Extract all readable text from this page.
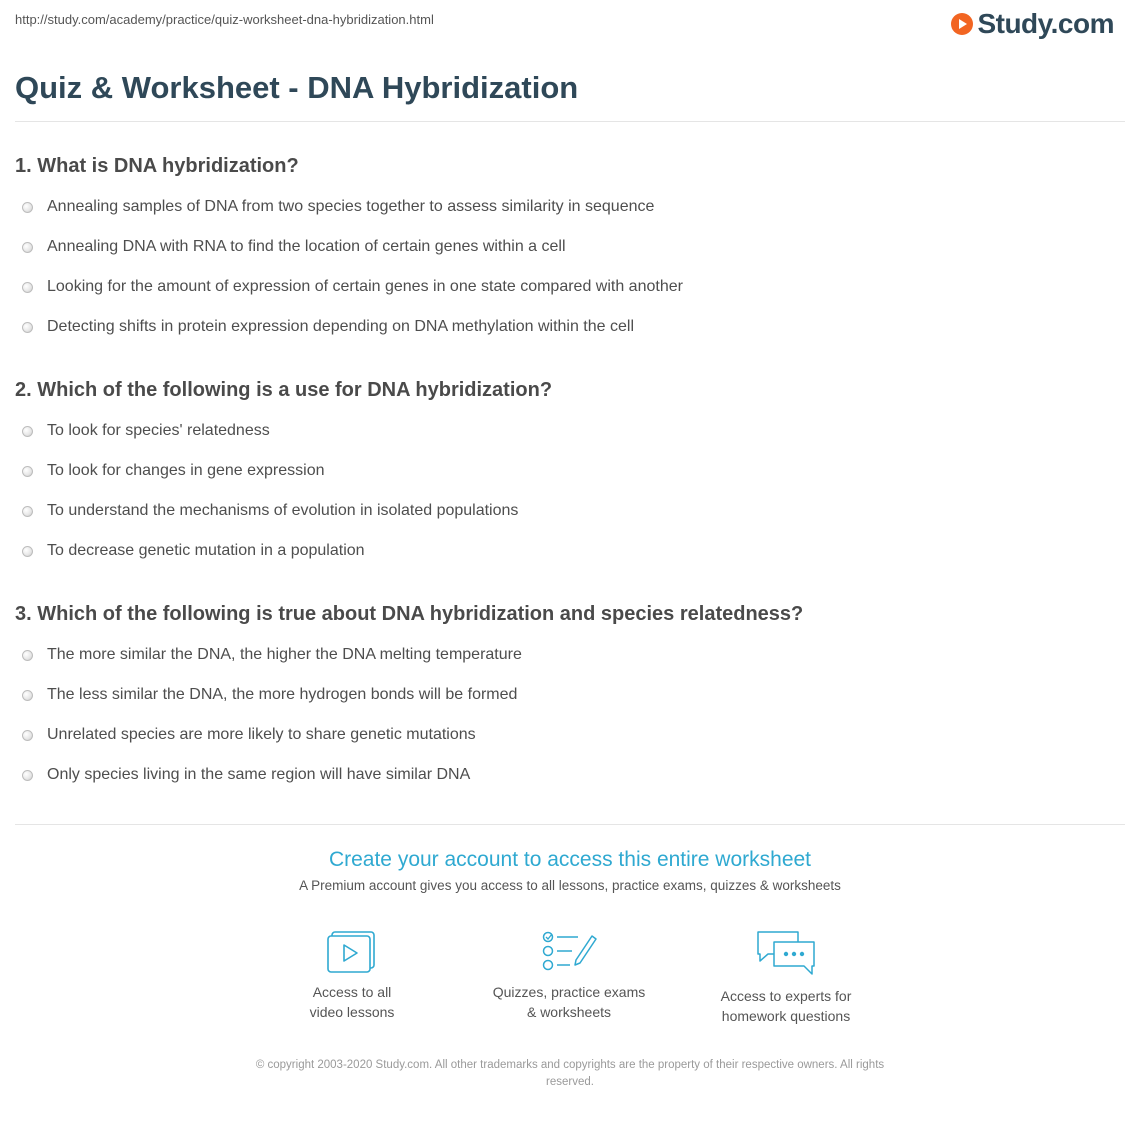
http://study.com/academy/practice/quiz-worksheet-dna-hybridization.html	Study.com
Quiz & Worksheet - DNA Hybridization
1. What is DNA hybridization?
Annealing samples of DNA from two species together to assess similarity in sequence
Annealing DNA with RNA to find the location of certain genes within a cell
Looking for the amount of expression of certain genes in one state compared with another
Detecting shifts in protein expression depending on DNA methylation within the cell
2. Which of the following is a use for DNA hybridization?
To look for species' relatedness
To look for changes in gene expression
To understand the mechanisms of evolution in isolated populations
To decrease genetic mutation in a population
3. Which of the following is true about DNA hybridization and species relatedness?
The more similar the DNA, the higher the DNA melting temperature
The less similar the DNA, the more hydrogen bonds will be formed
Unrelated species are more likely to share genetic mutations
Only species living in the same region will have similar DNA
Create your account to access this entire worksheet
A Premium account gives you access to all lessons, practice exams, quizzes & worksheets
Access to all
video lessons
Quizzes, practice exams
& worksheets
Access to experts for
homework questions
© copyright 2003-2020 Study.com. All other trademarks and copyrights are the property of their respective owners. All rights
reserved.
